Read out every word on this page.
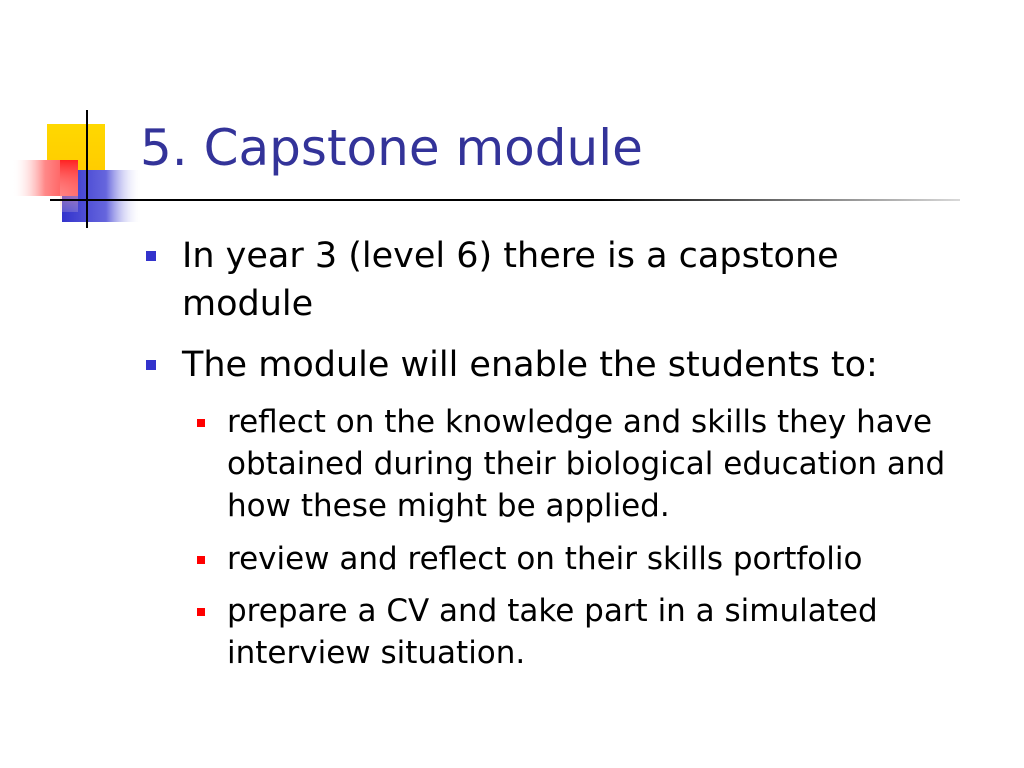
5. Capstone module
In year 3 (level 6) there is a capstone module
The module will enable the students to:
reflect on the knowledge and skills they have obtained during their biological education and how these might be applied.
review and reflect on their skills portfolio
prepare a CV and take part in a simulated interview situation.
